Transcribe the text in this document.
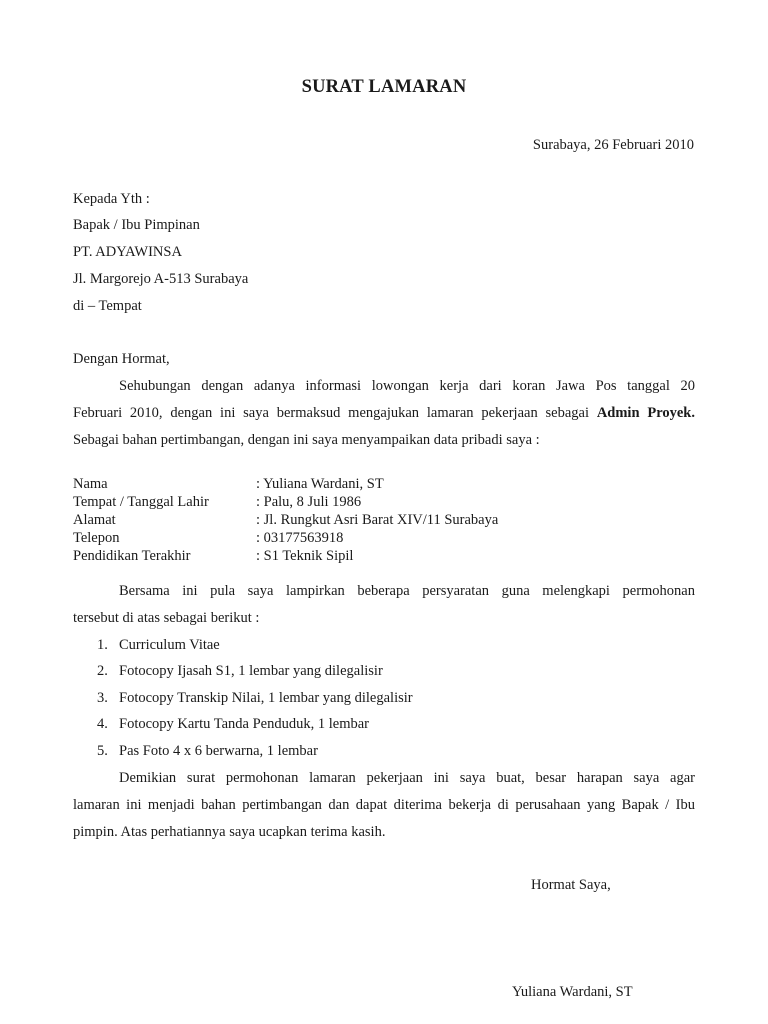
SURAT LAMARAN
Surabaya, 26 Februari 2010
Kepada Yth :
Bapak / Ibu Pimpinan
PT. ADYAWINSA
Jl. Margorejo A-513 Surabaya
di – Tempat
Dengan Hormat,
Sehubungan dengan adanya informasi lowongan kerja dari koran Jawa Pos tanggal 20
Februari 2010, dengan ini saya bermaksud mengajukan lamaran pekerjaan sebagai Admin Proyek.
Sebagai bahan pertimbangan, dengan ini saya menyampaikan data pribadi saya :
Nama	: Yuliana Wardani, ST
Tempat / Tanggal Lahir	: Palu, 8 Juli 1986
Alamat	: Jl. Rungkut Asri Barat XIV/11 Surabaya
Telepon	: 03177563918
Pendidikan Terakhir	: S1 Teknik Sipil
Bersama ini pula saya lampirkan beberapa persyaratan guna melengkapi permohonan
tersebut di atas sebagai berikut :
1. Curriculum Vitae
2. Fotocopy Ijasah S1, 1 lembar yang dilegalisir
3. Fotocopy Transkip Nilai, 1 lembar yang dilegalisir
4. Fotocopy Kartu Tanda Penduduk, 1 lembar
5. Pas Foto 4 x 6 berwarna, 1 lembar
Demikian surat permohonan lamaran pekerjaan ini saya buat, besar harapan saya agar
lamaran ini menjadi bahan pertimbangan dan dapat diterima bekerja di perusahaan yang Bapak / Ibu
pimpin. Atas perhatiannya saya ucapkan terima kasih.
Hormat Saya,
Yuliana Wardani, ST
